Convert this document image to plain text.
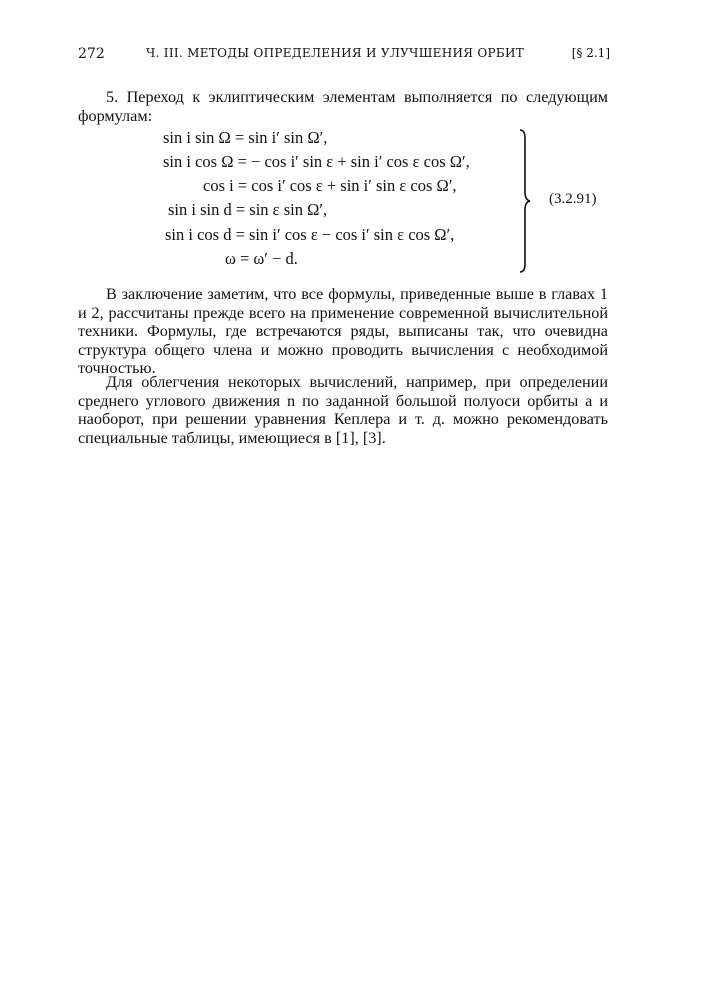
272	Ч. III. МЕТОДЫ ОПРЕДЕЛЕНИЯ И УЛУЧШЕНИЯ ОРБИТ	[§ 2.1]
5. Переход к эклиптическим элементам выполняется по следующим формулам:
sin i sin Ω = sin i′ sin Ω′,
sin i cos Ω = − cos i′ sin ε + sin i′ cos ε cos Ω′,
cos i = cos i′ cos ε + sin i′ sin ε cos Ω′,
sin i sin d = sin ε sin Ω′,
sin i cos d = sin i′ cos ε − cos i′ sin ε cos Ω′,
ω = ω′ − d.
(3.2.91)
В заключение заметим, что все формулы, приведенные выше в главах 1 и 2, рассчитаны прежде всего на применение современной вычислительной техники. Формулы, где встречаются ряды, выписаны так, что очевидна структура общего члена и можно проводить вычисления с необходимой точностью.
Для облегчения некоторых вычислений, например, при определении среднего углового движения n по заданной большой полуоси орбиты a и наоборот, при решении уравнения Кеплера и т. д. можно рекомендовать специальные таблицы, имеющиеся в [1], [3].
